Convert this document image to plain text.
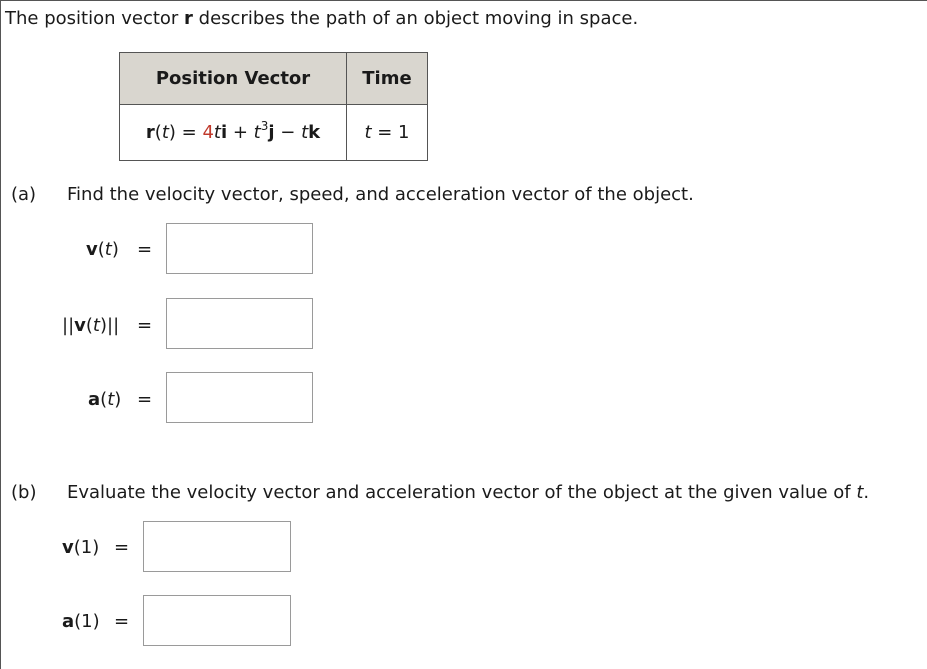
The position vector r describes the path of an object moving in space.
Position Vector	Time
$r(t) = 4ti + t^3j$ − tk	t = 1
(a) Find the velocity vector, speed, and acceleration vector of the object.
v(t) =
||v(t)|| =
a(t) =
(b) Evaluate the velocity vector and acceleration vector of the object at the given value of t.
v(1) =
a(1) =
